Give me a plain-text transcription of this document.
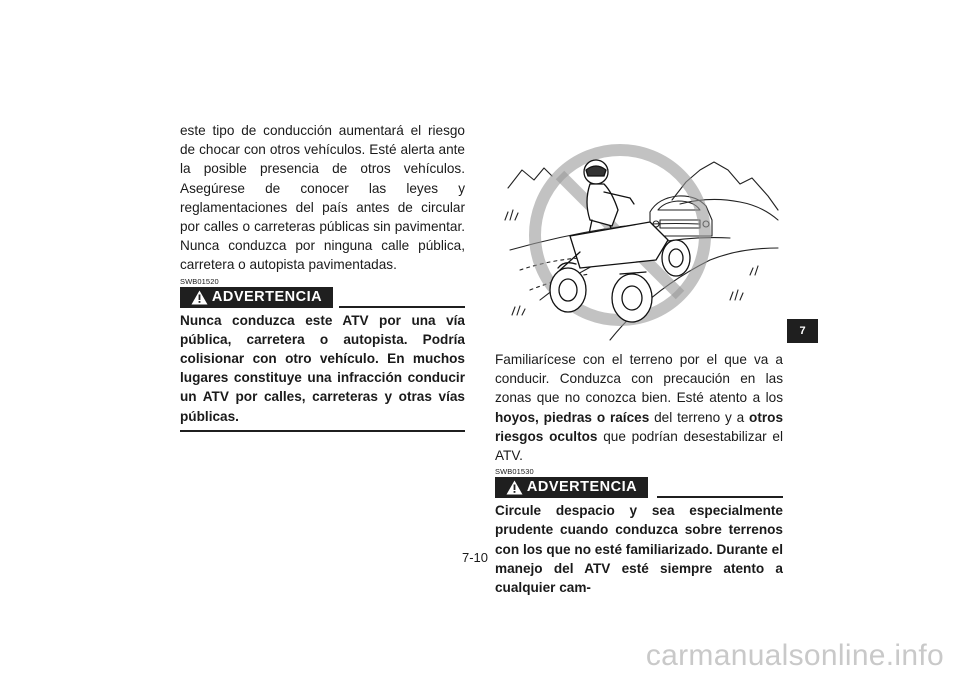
este tipo de conducción aumentará el riesgo de chocar con otros vehículos. Esté alerta ante la posible presencia de otros vehículos. Asegúrese de conocer las leyes y reglamentaciones del país antes de circular por calles o carreteras públicas sin pavimentar. Nunca conduzca por ninguna calle pública, carretera o autopista pavimentadas.

SWB01520
ADVERTENCIA

Nunca conduzca este ATV por una vía pública, carretera o autopista. Podría colisionar con otro vehículo. En muchos lugares constituye una infracción conducir un ATV por calles, carreteras y otras vías públicas.

Familiarícese con el terreno por el que va a conducir. Conduzca con precaución en las zonas que no conozca bien. Esté atento a los hoyos, piedras o raíces del terreno y a otros riesgos ocultos que podrían desestabilizar el ATV.

SWB01530
ADVERTENCIA

Circule despacio y sea especialmente prudente cuando conduzca sobre terrenos con los que no esté familiarizado. Durante el manejo del ATV esté siempre atento a cualquier cam-

7
7-10
carmanualsonline.info
